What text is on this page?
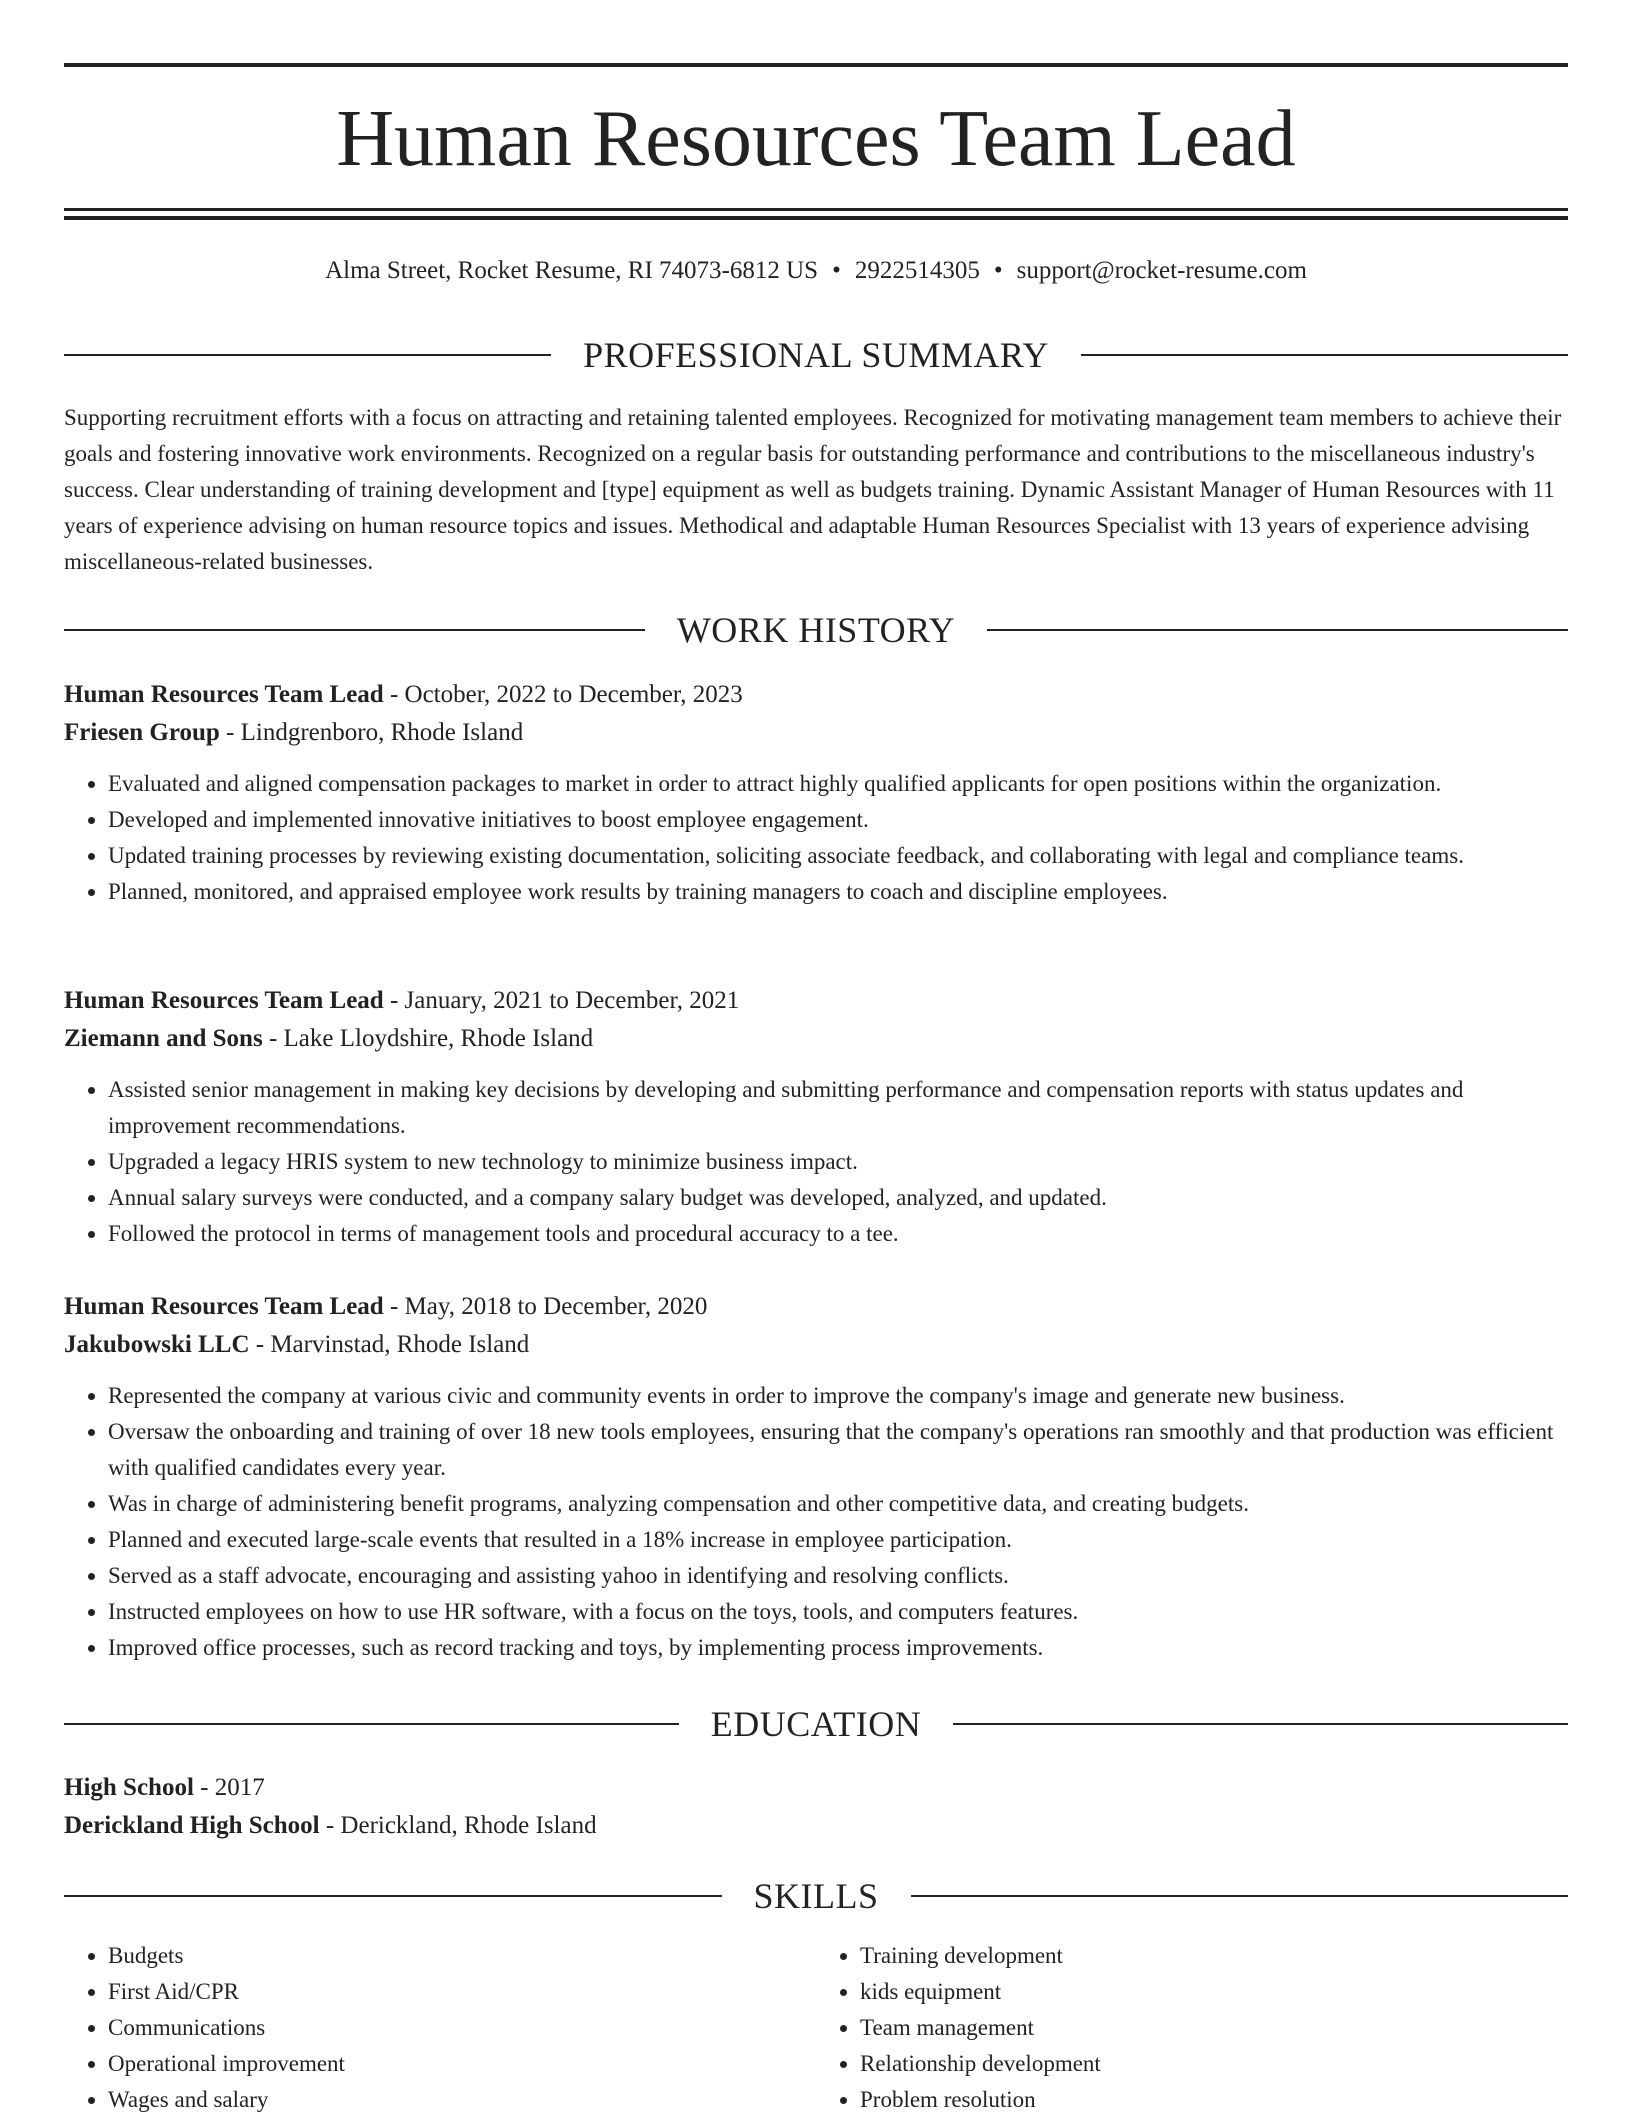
Human Resources Team Lead
Alma Street, Rocket Resume, RI 74073-6812 US • 2922514305 • support@rocket-resume.com
PROFESSIONAL SUMMARY

Supporting recruitment efforts with a focus on attracting and retaining talented employees. Recognized for motivating management team members to achieve their goals and fostering innovative work environments. Recognized on a regular basis for outstanding performance and contributions to the miscellaneous industry's success. Clear understanding of training development and [type] equipment as well as budgets training. Dynamic Assistant Manager of Human Resources with 11 years of experience advising on human resource topics and issues. Methodical and adaptable Human Resources Specialist with 13 years of experience advising miscellaneous-related businesses.

WORK HISTORY

Human Resources Team Lead - October, 2022 to December, 2023

Friesen Group - Lindgrenboro, Rhode Island

• Evaluated and aligned compensation packages to market in order to attract highly qualified applicants for open positions within the organization.
• Developed and implemented innovative initiatives to boost employee engagement.
• Updated training processes by reviewing existing documentation, soliciting associate feedback, and collaborating with legal and compliance teams.
• Planned, monitored, and appraised employee work results by training managers to coach and discipline employees.

Human Resources Team Lead - January, 2021 to December, 2021

Ziemann and Sons - Lake Lloydshire, Rhode Island

• Assisted senior management in making key decisions by developing and submitting performance and compensation reports with status updates and improvement recommendations.
• Upgraded a legacy HRIS system to new technology to minimize business impact.
• Annual salary surveys were conducted, and a company salary budget was developed, analyzed, and updated.
• Followed the protocol in terms of management tools and procedural accuracy to a tee.

Human Resources Team Lead - May, 2018 to December, 2020

Jakubowski LLC - Marvinstad, Rhode Island

• Represented the company at various civic and community events in order to improve the company's image and generate new business.
• Oversaw the onboarding and training of over 18 new tools employees, ensuring that the company's operations ran smoothly and that production was efficient with qualified candidates every year.
• Was in charge of administering benefit programs, analyzing compensation and other competitive data, and creating budgets.
• Planned and executed large-scale events that resulted in a 18% increase in employee participation.
• Served as a staff advocate, encouraging and assisting yahoo in identifying and resolving conflicts.
• Instructed employees on how to use HR software, with a focus on the toys, tools, and computers features.
• Improved office processes, such as record tracking and toys, by implementing process improvements.
EDUCATION

High School - 2017

Derickland High School - Derickland, Rhode Island

SKILLS
• Budgets
• First Aid/CPR
• Communications
• Operational improvement
• Wages and salary
• Training development
• kids equipment
• Team management
• Relationship development
• Problem resolution
